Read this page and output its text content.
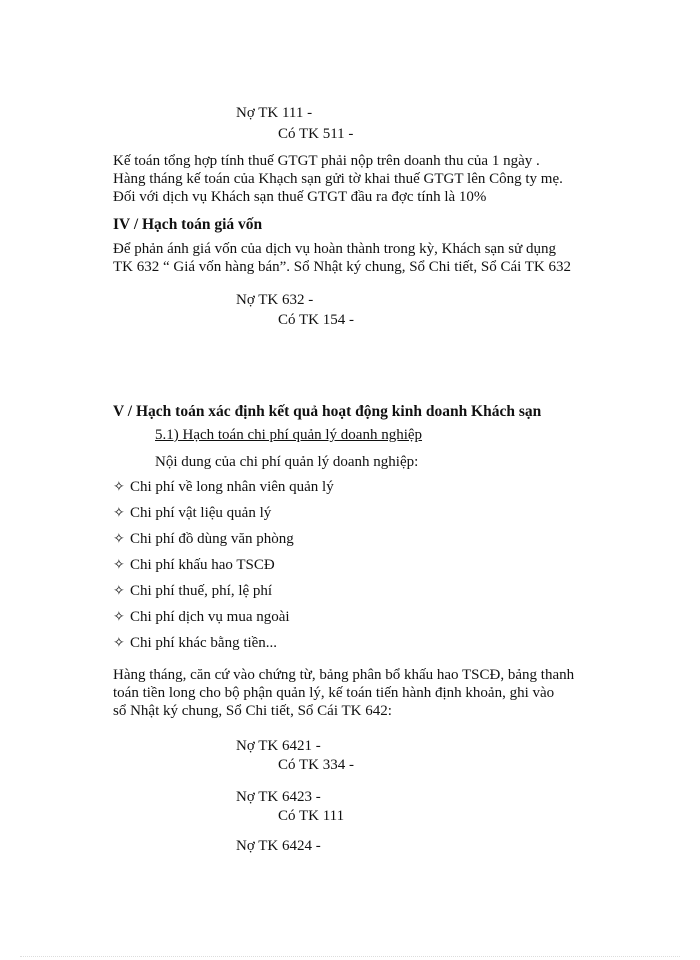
Nợ TK 111 -
Có TK 511 -
Kế toán tổng hợp tính thuế GTGT phải nộp trên doanh thu của 1 ngày .
Hàng tháng kế toán của Khạch sạn gửi tờ khai thuế GTGT lên Công ty mẹ.
Đối với dịch vụ Khách sạn thuế GTGT đầu ra đợc tính là 10%
IV / Hạch toán giá vốn
Để phản ánh giá vốn của dịch vụ hoàn thành trong kỳ, Khách sạn sử dụng
TK 632 “ Giá vốn hàng bán”. Sổ Nhật ký chung, Sổ Chi tiết, Sổ Cái TK 632
Nợ TK 632 -
Có TK 154 -
V / Hạch toán xác định kết quả hoạt động kinh doanh Khách sạn
5.1) Hạch toán chi phí quản lý doanh nghiệp
Nội dung của chi phí quản lý doanh nghiệp:
✧ Chi phí về long nhân viên quản lý
✧ Chi phí vật liệu quản lý
✧ Chi phí đồ dùng văn phòng
✧ Chi phí khấu hao TSCĐ
✧ Chi phí thuế, phí, lệ phí
✧ Chi phí dịch vụ mua ngoài
✧ Chi phí khác bằng tiền...
Hàng tháng, căn cứ vào chứng từ, bảng phân bổ khấu hao TSCĐ, bảng thanh
toán tiền long cho bộ phận quản lý, kế toán tiến hành định khoản, ghi vào
sổ Nhật ký chung, Sổ Chi tiết, Sổ Cái TK 642:
Nợ TK 6421 -
Có TK 334 -
Nợ TK 6423 -
Có TK 111
Nợ TK 6424 -
